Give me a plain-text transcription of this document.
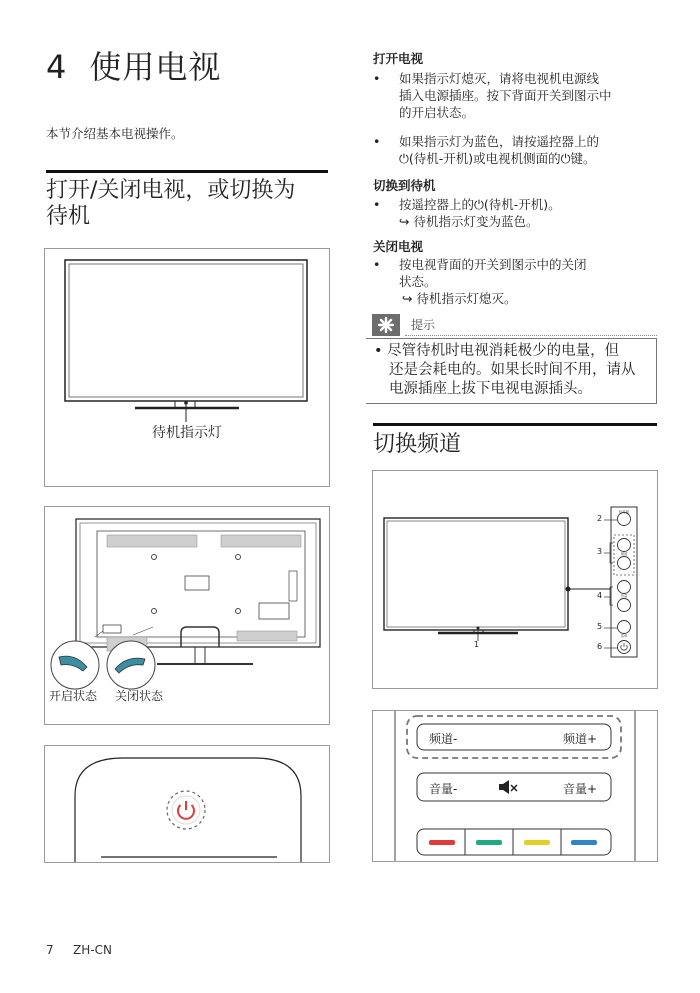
4 使用电视
本节介绍基本电视操作。
打开/关闭电视，或切换为
待机
待机指示灯
开启状态 关闭状态
打开电视
• 如果指示灯熄灭，请将电视机电源线
插入电源插座。按下背面开关到图示中
的开启状态。
• 如果指示灯为蓝色，请按遥控器上的
⏻(待机-开机)或电视机侧面的⏻键。
切换到待机
• 按遥控器上的⏻(待机-开机)。
↪ 待机指示灯变为蓝色。
关闭电视
• 按电视背面的开关到图示中的关闭
状态。
↪ 待机指示灯熄灭。
提示
• 尽管待机时电视消耗极少的电量，但
还是会耗电的。如果长时间不用，请从
电源插座上拔下电视电源插头。
切换频道
信号源
频道
音量
菜单
1
2
3
4
5
6
频道-	频道+
音量-	音量+
7 ZH-CN
